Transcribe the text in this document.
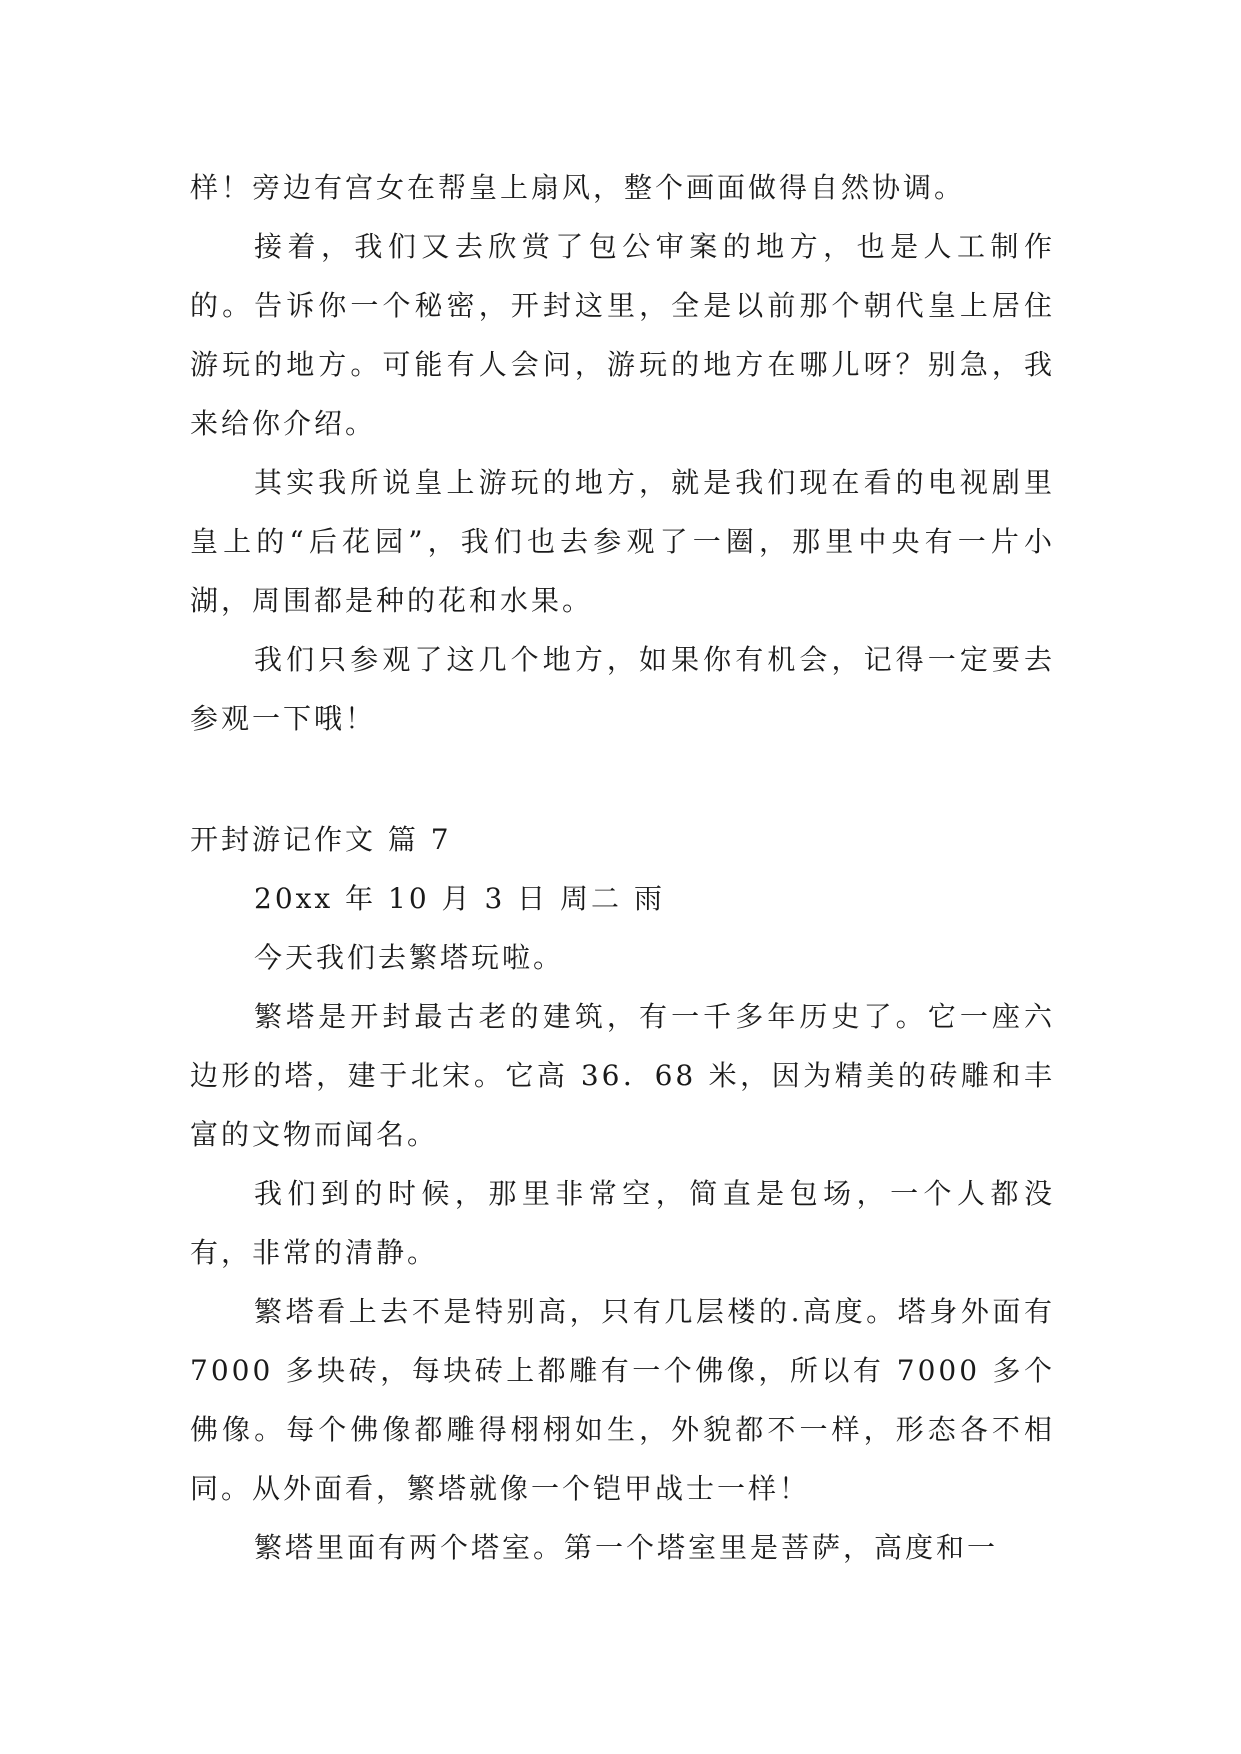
样！旁边有宫女在帮皇上扇风，整个画面做得自然协调。

接着，我们又去欣赏了包公审案的地方，也是人工制作的。告诉你一个秘密，开封这里，全是以前那个朝代皇上居住游玩的地方。可能有人会问，游玩的地方在哪儿呀？别急，我来给你介绍。

其实我所说皇上游玩的地方，就是我们现在看的电视剧里皇上的“后花园”，我们也去参观了一圈，那里中央有一片小湖，周围都是种的花和水果。

我们只参观了这几个地方，如果你有机会，记得一定要去参观一下哦！

开封游记作文 篇 7

20xx 年 10 月 3 日 周二 雨

今天我们去繁塔玩啦。

繁塔是开封最古老的建筑，有一千多年历史了。它一座六边形的塔，建于北宋。它高 36．68 米，因为精美的砖雕和丰富的文物而闻名。

我们到的时候，那里非常空，简直是包场，一个人都没有，非常的清静。

繁塔看上去不是特别高，只有几层楼的.高度。塔身外面有 7000 多块砖，每块砖上都雕有一个佛像，所以有 7000 多个佛像。每个佛像都雕得栩栩如生，外貌都不一样，形态各不相同。从外面看，繁塔就像一个铠甲战士一样！

繁塔里面有两个塔室。第一个塔室里是菩萨，高度和一
